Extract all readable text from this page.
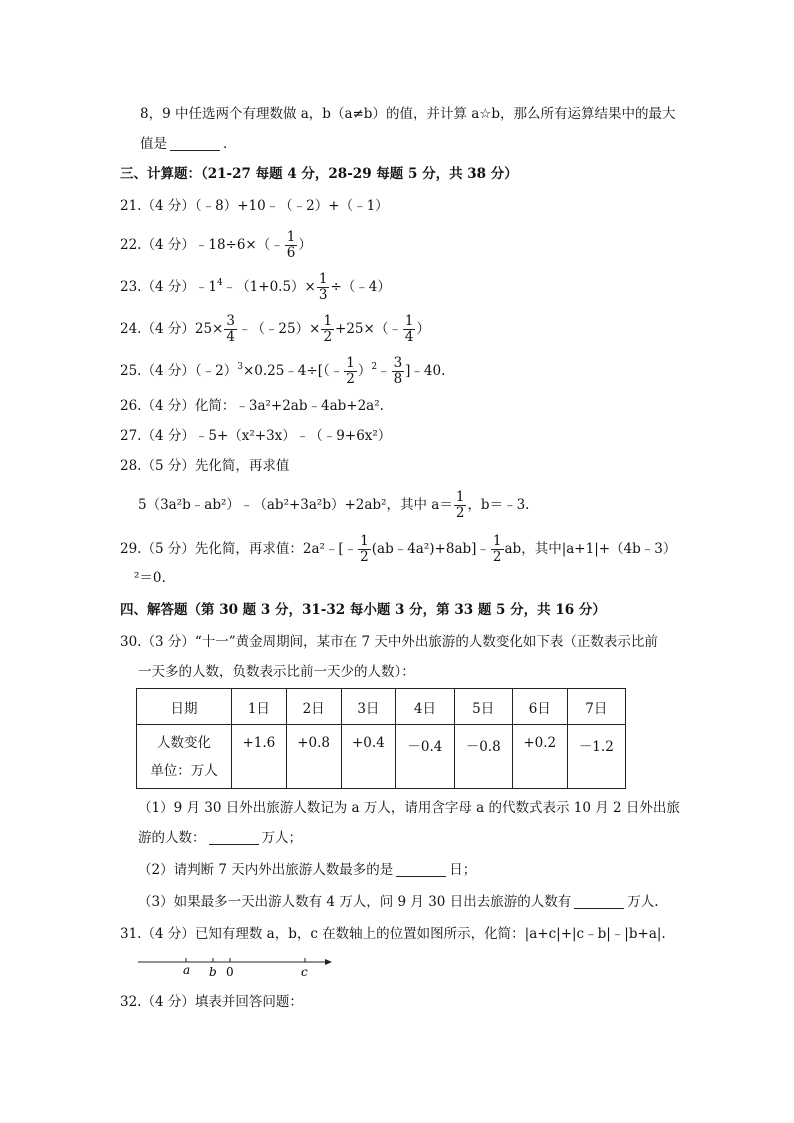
8，9 中任选两个有理数做 a，b（a≠b）的值，并计算 a☆b，那么所有运算结果中的最大
值是	.
三、计算题：（21-27 每题 4 分，28-29 每题 5 分，共 38 分）
21.（4 分）（﹣8）+10﹣（﹣2）+（﹣1）
22.（4 分）﹣18÷6×（﹣ $\frac{1}{6}$ ）
23.（4 分）$﹣1^4﹣(1+0.5)\times \frac{1}{3}$ ÷（﹣4）
24.（4 分）$25\times \frac{3}{4}$ ﹣（﹣25）× $\frac{1}{2}$ +25×（﹣ $\frac{1}{4}$ ）
25.（4 分）（﹣2）$^3$×0.25﹣4÷[（﹣ $\frac{1}{2}$ ）$^2$﹣ $\frac{3}{8}$ ]﹣40.
26.（4 分）化简：﹣3a²+2ab﹣4ab+2a².
27.（4 分）﹣5+（x²+3x）﹣（﹣9+6x²）
28.（5 分）先化简，再求值
5（3a²b﹣ab²）﹣（ab²+3a²b）+2ab²，其中 $a= \frac{1}{2}$ ，b＝﹣3.
29.（5 分）先化简，再求值：2a²﹣[﹣ $\frac{1}{2}$ (ab﹣4a²)+8ab]﹣ $\frac{1}{2}$ ab，其中|a+1|+（4b﹣3）
²＝0.
四、解答题（第 30 题 3 分，31-32 每小题 3 分，第 33 题 5 分，共 16 分）
30.（3 分）“十一”黄金周期间，某市在 7 天中外出旅游的人数变化如下表（正数表示比前
一天多的人数，负数表示比前一天少的人数）：
日期	1日	2日	3日	4日	5日	6日	7日

人数变化
单位：万人	+1.6	+0.8	+0.4	－0.4	－0.8	+0.2	－1.2
（1）9 月 30 日外出旅游人数记为 a 万人，请用含字母 a 的代数式表示 10 月 2 日外出旅
游的人数：	万人；
（2）请判断 7 天内外出旅游人数最多的是	日；
（3）如果最多一天出游人数有 4 万人，问 9 月 30 日出去旅游的人数有	万人.
31.（4 分）已知有理数 a，b，c 在数轴上的位置如图所示，化简：|a+c|+|c﹣b|﹣|b+a|.
a b 0	c
32.（4 分）填表并回答问题：
